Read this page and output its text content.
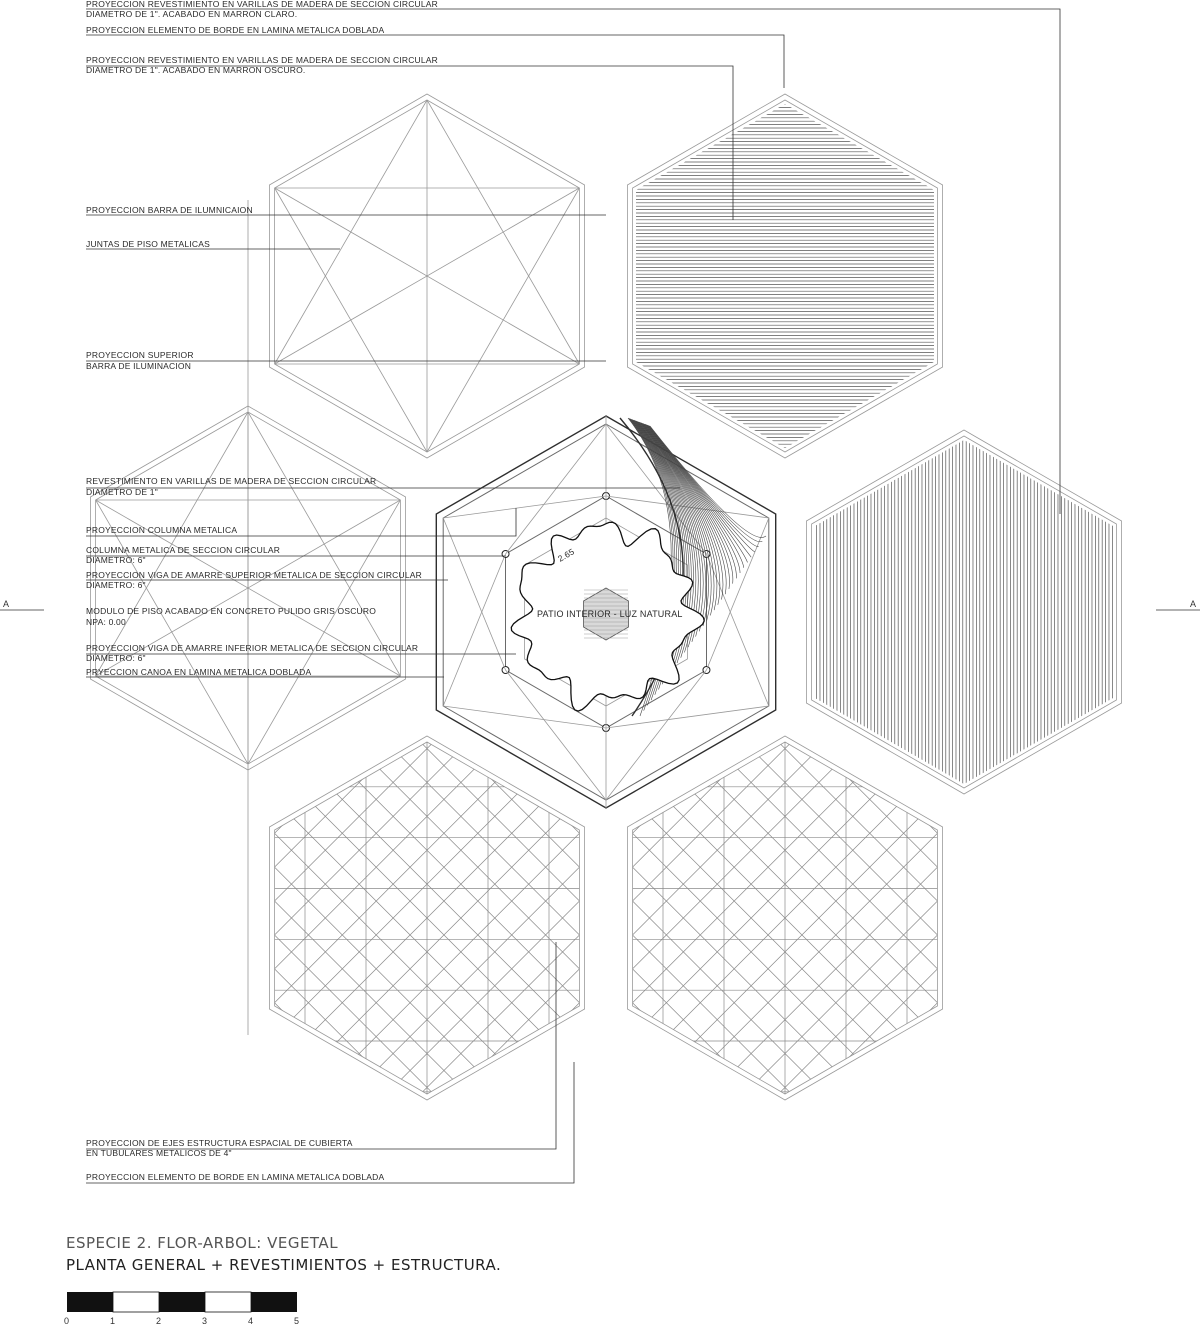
PROYECCION REVESTIMIENTO EN VARILLAS DE MADERA DE SECCION CIRCULAR
DIAMETRO DE 1". ACABADO EN MARRON CLARO.
PROYECCION ELEMENTO DE BORDE EN LAMINA METALICA DOBLADA
PROYECCION REVESTIMIENTO EN VARILLAS DE MADERA DE SECCION CIRCULAR
DIAMETRO DE 1". ACABADO EN MARRON OSCURO.
PROYECCION BARRA DE ILUMNICAION
JUNTAS DE PISO METALICAS
PROYECCION SUPERIOR
BARRA DE ILUMINACION
REVESTIMIENTO EN VARILLAS DE MADERA DE SECCION CIRCULAR
DIAMETRO DE 1"
PROYECCION COLUMNA METALICA
COLUMNA METALICA DE SECCION CIRCULAR
DIAMETRO: 6"
PROYECCION VIGA DE AMARRE SUPERIOR METALICA DE SECCION CIRCULAR
DIAMETRO: 6"
MODULO DE PISO ACABADO EN CONCRETO PULIDO GRIS OSCURO
NPA: 0.00
PROYECCION VIGA DE AMARRE INFERIOR METALICA DE SECCION CIRCULAR
DIAMETRO: 6"
PRYECCION CANOA EN LAMINA METALICA DOBLADA
PROYECCION DE EJES ESTRUCTURA ESPACIAL DE CUBIERTA
EN TUBULARES METALICOS DE 4"
PROYECCION ELEMENTO DE BORDE EN LAMINA METALICA DOBLADA
A	A
PATIO INTERIOR - LUZ NATURAL
2.65
ESPECIE 2. FLOR-ARBOL: VEGETAL
PLANTA GENERAL + REVESTIMIENTOS + ESTRUCTURA.
0	1	2	3	4	5
